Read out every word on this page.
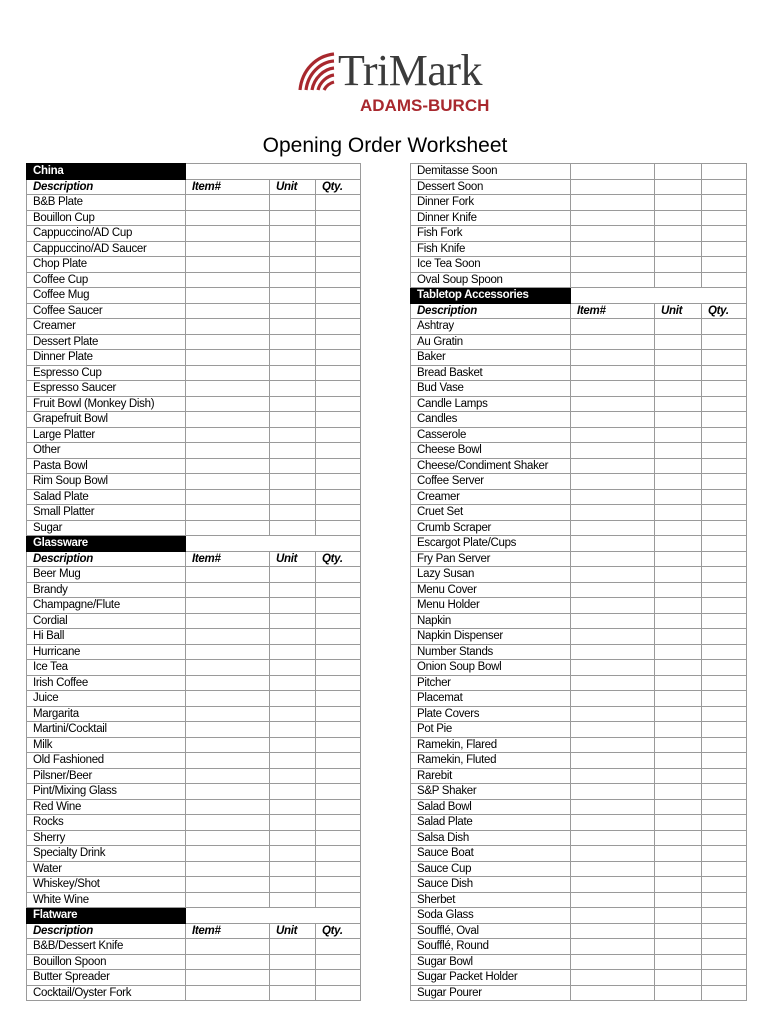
TriMark
ADAMS-BURCH
Opening Order Worksheet
China			
Description	Item#	Unit	Qty.
B&B Plate			
Bouillon Cup			
Cappuccino/AD Cup			
Cappuccino/AD Saucer			
Chop Plate			
Coffee Cup			
Coffee Mug			
Coffee Saucer			
Creamer			
Dessert Plate			
Dinner Plate			
Espresso Cup			
Espresso Saucer			
Fruit Bowl (Monkey Dish)			
Grapefruit Bowl			
Large Platter			
Other			
Pasta Bowl			
Rim Soup Bowl			
Salad Plate			
Small Platter			
Sugar			
Glassware			
Description	Item#	Unit	Qty.
Beer Mug			
Brandy			
Champagne/Flute			
Cordial			
Hi Ball			
Hurricane			
Ice Tea			
Irish Coffee			
Juice			
Margarita			
Martini/Cocktail			
Milk			
Old Fashioned			
Pilsner/Beer			
Pint/Mixing Glass			
Red Wine			
Rocks			
Sherry			
Specialty Drink			
Water			
Whiskey/Shot			
White Wine			
Flatware			
Description	Item#	Unit	Qty.
B&B/Dessert Knife			
Bouillon Spoon			
Butter Spreader			
Cocktail/Oyster Fork			
Demitasse Soon			
Dessert Soon			
Dinner Fork			
Dinner Knife			
Fish Fork			
Fish Knife			
Ice Tea Soon			
Oval Soup Spoon			
Tabletop Accessories			
Description	Item#	Unit	Qty.
Ashtray			
Au Gratin			
Baker			
Bread Basket			
Bud Vase			
Candle Lamps			
Candles			
Casserole			
Cheese Bowl			
Cheese/Condiment Shaker			
Coffee Server			
Creamer			
Cruet Set			
Crumb Scraper			
Escargot Plate/Cups			
Fry Pan Server			
Lazy Susan			
Menu Cover			
Menu Holder			
Napkin			
Napkin Dispenser			
Number Stands			
Onion Soup Bowl			
Pitcher			
Placemat			
Plate Covers			
Pot Pie			
Ramekin, Flared			
Ramekin, Fluted			
Rarebit			
S&P Shaker			
Salad Bowl			
Salad Plate			
Salsa Dish			
Sauce Boat			
Sauce Cup			
Sauce Dish			
Sherbet			
Soda Glass			
Soufflé, Oval			
Soufflé, Round			
Sugar Bowl			
Sugar Packet Holder			
Sugar Pourer			
